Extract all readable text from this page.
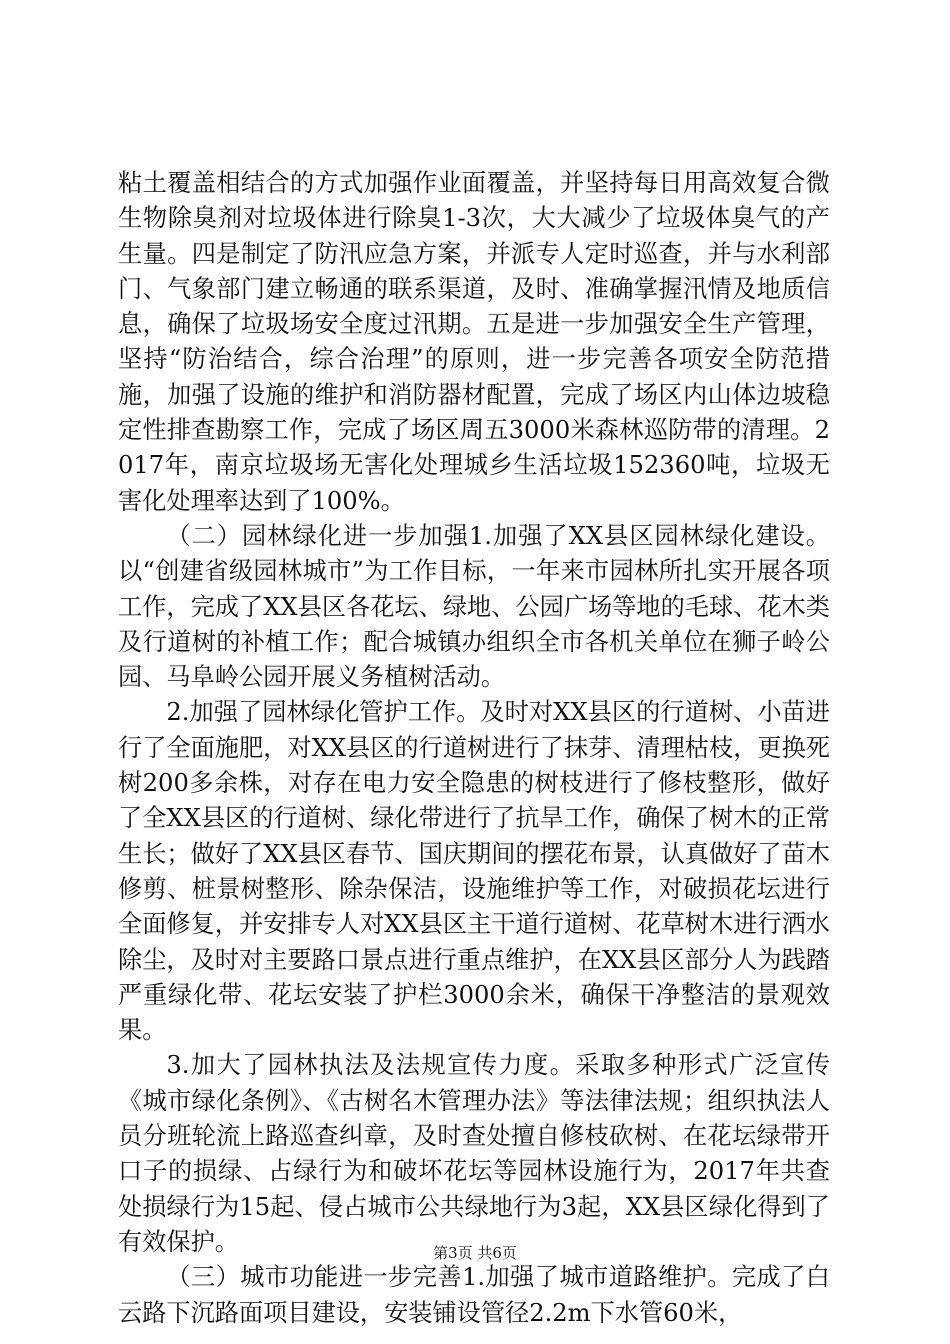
粘土覆盖相结合的方式加强作业面覆盖，并坚持每日用高效复合微生物除臭剂对垃圾体进行除臭1-3次，大大减少了垃圾体臭气的产生量。四是制定了防汛应急方案，并派专人定时巡查，并与水利部门、气象部门建立畅通的联系渠道，及时、准确掌握汛情及地质信息，确保了垃圾场安全度过汛期。五是进一步加强安全生产管理，坚持“防治结合，综合治理”的原则，进一步完善各项安全防范措施，加强了设施的维护和消防器材配置，完成了场区内山体边坡稳定性排查勘察工作，完成了场区周五3000米森林巡防带的清理。2017年，南京垃圾场无害化处理城乡生活垃圾152360吨，垃圾无害化处理率达到了100%。

（二）园林绿化进一步加强1.加强了XX县区园林绿化建设。以“创建省级园林城市”为工作目标，一年来市园林所扎实开展各项工作，完成了XX县区各花坛、绿地、公园广场等地的毛球、花木类及行道树的补植工作；配合城镇办组织全市各机关单位在狮子岭公园、马阜岭公园开展义务植树活动。

2.加强了园林绿化管护工作。及时对XX县区的行道树、小苗进行了全面施肥，对XX县区的行道树进行了抹芽、清理枯枝，更换死树200多余株，对存在电力安全隐患的树枝进行了修枝整形，做好了全XX县区的行道树、绿化带进行了抗旱工作，确保了树木的正常生长；做好了XX县区春节、国庆期间的摆花布景，认真做好了苗木修剪、桩景树整形、除杂保洁，设施维护等工作，对破损花坛进行全面修复，并安排专人对XX县区主干道行道树、花草树木进行洒水除尘，及时对主要路口景点进行重点维护，在XX县区部分人为践踏严重绿化带、花坛安装了护栏3000余米，确保干净整洁的景观效果。

3.加大了园林执法及法规宣传力度。采取多种形式广泛宣传《城市绿化条例》、《古树名木管理办法》等法律法规；组织执法人员分班轮流上路巡查纠章，及时查处擅自修枝砍树、在花坛绿带开口子的损绿、占绿行为和破坏花坛等园林设施行为，2017年共查处损绿行为15起、侵占城市公共绿地行为3起，XX县区绿化得到了有效保护。

（三）城市功能进一步完善1.加强了城市道路维护。完成了白云路下沉路面项目建设，安装铺设管径2.2m下水管60米，

第3页 共6页
